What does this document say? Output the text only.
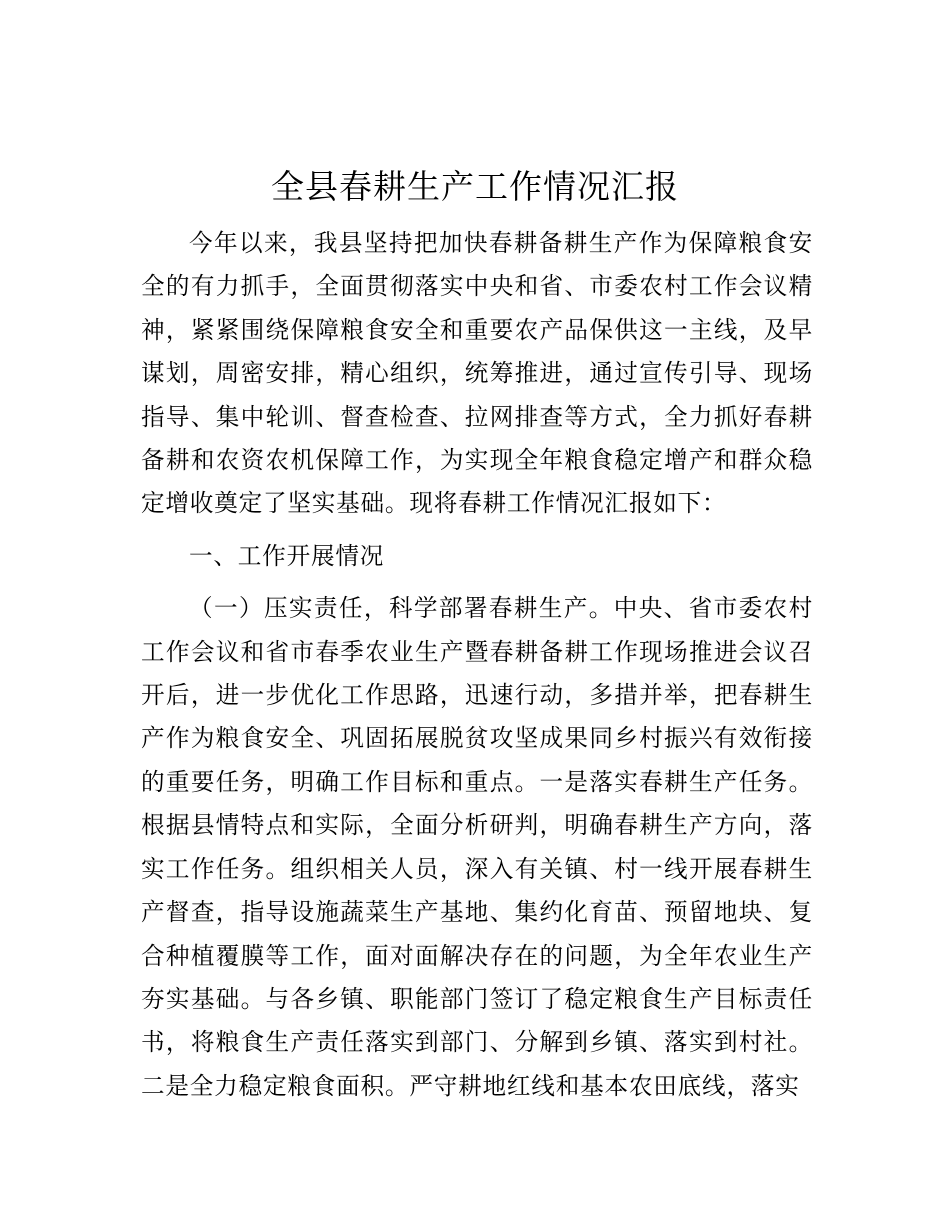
全县春耕生产工作情况汇报

今年以来，我县坚持把加快春耕备耕生产作为保障粮食安全的有力抓手，全面贯彻落实中央和省、市委农村工作会议精神，紧紧围绕保障粮食安全和重要农产品保供这一主线，及早谋划，周密安排，精心组织，统筹推进，通过宣传引导、现场指导、集中轮训、督查检查、拉网排查等方式，全力抓好春耕备耕和农资农机保障工作，为实现全年粮食稳定增产和群众稳定增收奠定了坚实基础。现将春耕工作情况汇报如下：

一、工作开展情况

（一）压实责任，科学部署春耕生产。中央、省市委农村工作会议和省市春季农业生产暨春耕备耕工作现场推进会议召开后，进一步优化工作思路，迅速行动，多措并举，把春耕生产作为粮食安全、巩固拓展脱贫攻坚成果同乡村振兴有效衔接的重要任务，明确工作目标和重点。一是落实春耕生产任务。根据县情特点和实际，全面分析研判，明确春耕生产方向，落实工作任务。组织相关人员，深入有关镇、村一线开展春耕生产督查，指导设施蔬菜生产基地、集约化育苗、预留地块、复合种植覆膜等工作，面对面解决存在的问题，为全年农业生产夯实基础。与各乡镇、职能部门签订了稳定粮食生产目标责任书，将粮食生产责任落实到部门、分解到乡镇、落实到村社。二是全力稳定粮食面积。严守耕地红线和基本农田底线，落实
